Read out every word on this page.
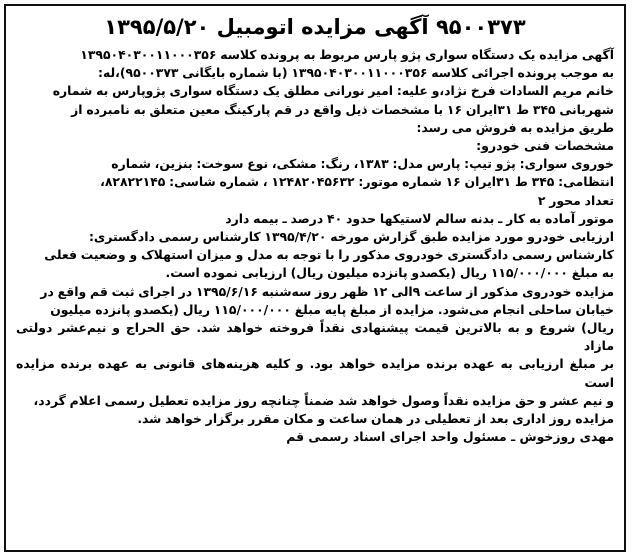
۹۵۰۰۳۷۳ آگهی مزایده اتومبیل ۱۳۹۵/۵/۲۰

آگهی مزایده یک دستگاه سواری پژو پارس مربوط به پرونده کلاسه ۱۳۹۵۰۴۰۳۰۰۱۱۰۰۰۳۵۶
به موجب پرونده اجرائی کلاسه ۱۳۹۵۰۴۰۳۰۰۱۱۰۰۰۳۵۶ (با شماره بایگانی ۹۵۰۰۳۷۳)،له:
خانم مریم السادات فرخ نژاد،و علیه: امیر نورانی مطلق یک دستگاه سواری پژوپارس به شماره
شهربانی ۳۴۵ ط ۳۱ایران ۱۶ با مشخصات ذیل واقع در قم پارکینگ معین متعلق به نامبرده از
طریق مزایده به فروش می رسد:

مشخصات فنی خودرو:

خوروی سواری: پژو تیپ: پارس مدل: ۱۳۸۳، رنگ: مشکی، نوع سوخت: بنزین، شماره
انتظامی: ۳۴۵ ط ۳۱ایران ۱۶ شماره موتور: ۱۲۴۸۲۰۴۵۶۳۲ ، شماره شاسی: ۸۲۸۲۲۱۴۵،
تعداد محور ۲

موتور آماده به کار ـ بدنه سالم لاستیکها حدود ۴۰ درصد ـ بیمه دارد

ارزیابی خودرو مورد مزایده طبق گزارش مورخه ۱۳۹۵/۴/۲۰ کارشناس رسمی دادگستری:
کارشناس رسمی دادگستری خودروی مذکور را با توجه به مدل و میزان استهلاک و وضعیت فعلی
به مبلغ ۱۱۵/۰۰۰/۰۰۰ ریال (یکصدو پانزده میلیون ریال) ارزیابی نموده است.

مزایده خودروی مذکور از ساعت ۹الی ۱۲ ظهر روز سه‌شنبه ۱۳۹۵/۶/۱۶ در اجرای ثبت قم واقع در
خیابان ساحلی انجام می‌شود. مزایده از مبلغ پایه مبلغ ۱۱۵/۰۰۰/۰۰۰ ریال (یکصدو پانزده میلیون
ریال) شروع و به بالاترین قیمت پیشنهادی نقداً فروخته خواهد شد. حق الحراج و نیم‌عشر دولتی مازاد
بر مبلغ ارزیابی به عهده برنده مزایده خواهد بود. و کلیه هزینه‌های قانونی به عهده برنده مزایده است
و نیم عشر و حق مزایده نقداً وصول خواهد شد ضمناً چنانچه روز مزایده تعطیل رسمی اعلام گردد،
مزایده روز اداری بعد از تعطیلی در همان ساعت و مکان مقرر برگزار خواهد شد.

مهدی روزخوش ـ مسئول واحد اجرای اسناد رسمی قم
